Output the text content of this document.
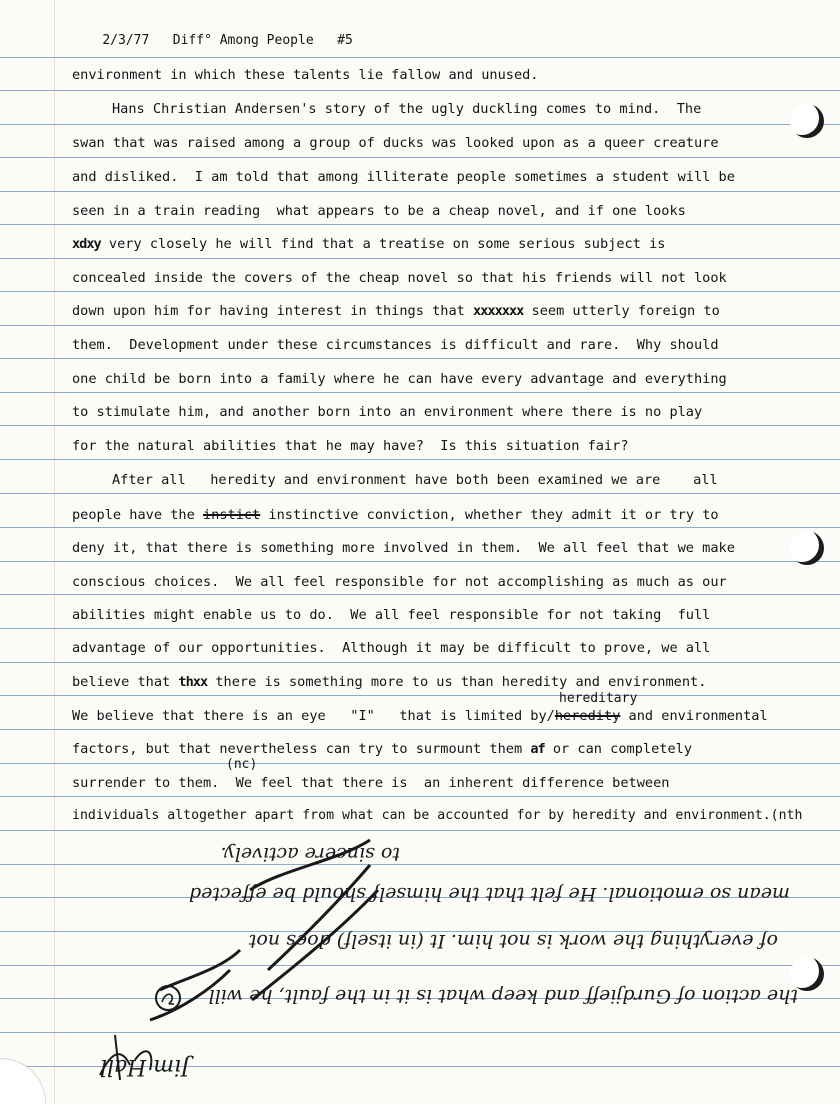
2/3/77 Diff° Among People #5

environment in which these talents lie fallow and unused.
Hans Christian Andersen's story of the ugly duckling comes to mind.  The
swan that was raised among a group of ducks was looked upon as a queer creature
and disliked.  I am told that among illiterate people sometimes a student will be
seen in a train reading  what appears to be a cheap novel, and if one looks
xdxy very closely he will find that a treatise on some serious subject is
concealed inside the covers of the cheap novel so that his friends will not look
down upon him for having interest in things that xxxxxxx seem utterly foreign to
them.  Development under these circumstances is difficult and rare.  Why should
one child be born into a family where he can have every advantage and everything
to stimulate him, and another born into an environment where there is no play
for the natural abilities that he may have?  Is this situation fair?
After all   heredity and environment have both been examined we are    all
people have the instict instinctive conviction, whether they admit it or try to
deny it, that there is something more involved in them.  We all feel that we make
conscious choices.  We all feel responsible for not accomplishing as much as our
abilities might enable us to do.  We all feel responsible for not taking  full
advantage of our opportunities.  Although it may be difficult to prove, we all
believe that thxx there is something more to us than heredity and environment.
hereditary
We believe that there is an eye   "I"   that is limited by/heredity and environmental
factors, but that nevertheless can try to surmount them af or can completely
(nc)
surrender to them.  We feel that there is  an inherent difference between
individuals altogether apart from what can be accounted for by heredity and environment.(nth
the action of Gurdjieff and keep what is it in the fault, he will
of everything the work is not him. It (in itself) does not
mean so emotional. He felt that the himself should be effected
to sincere actively.
Jim Hall
